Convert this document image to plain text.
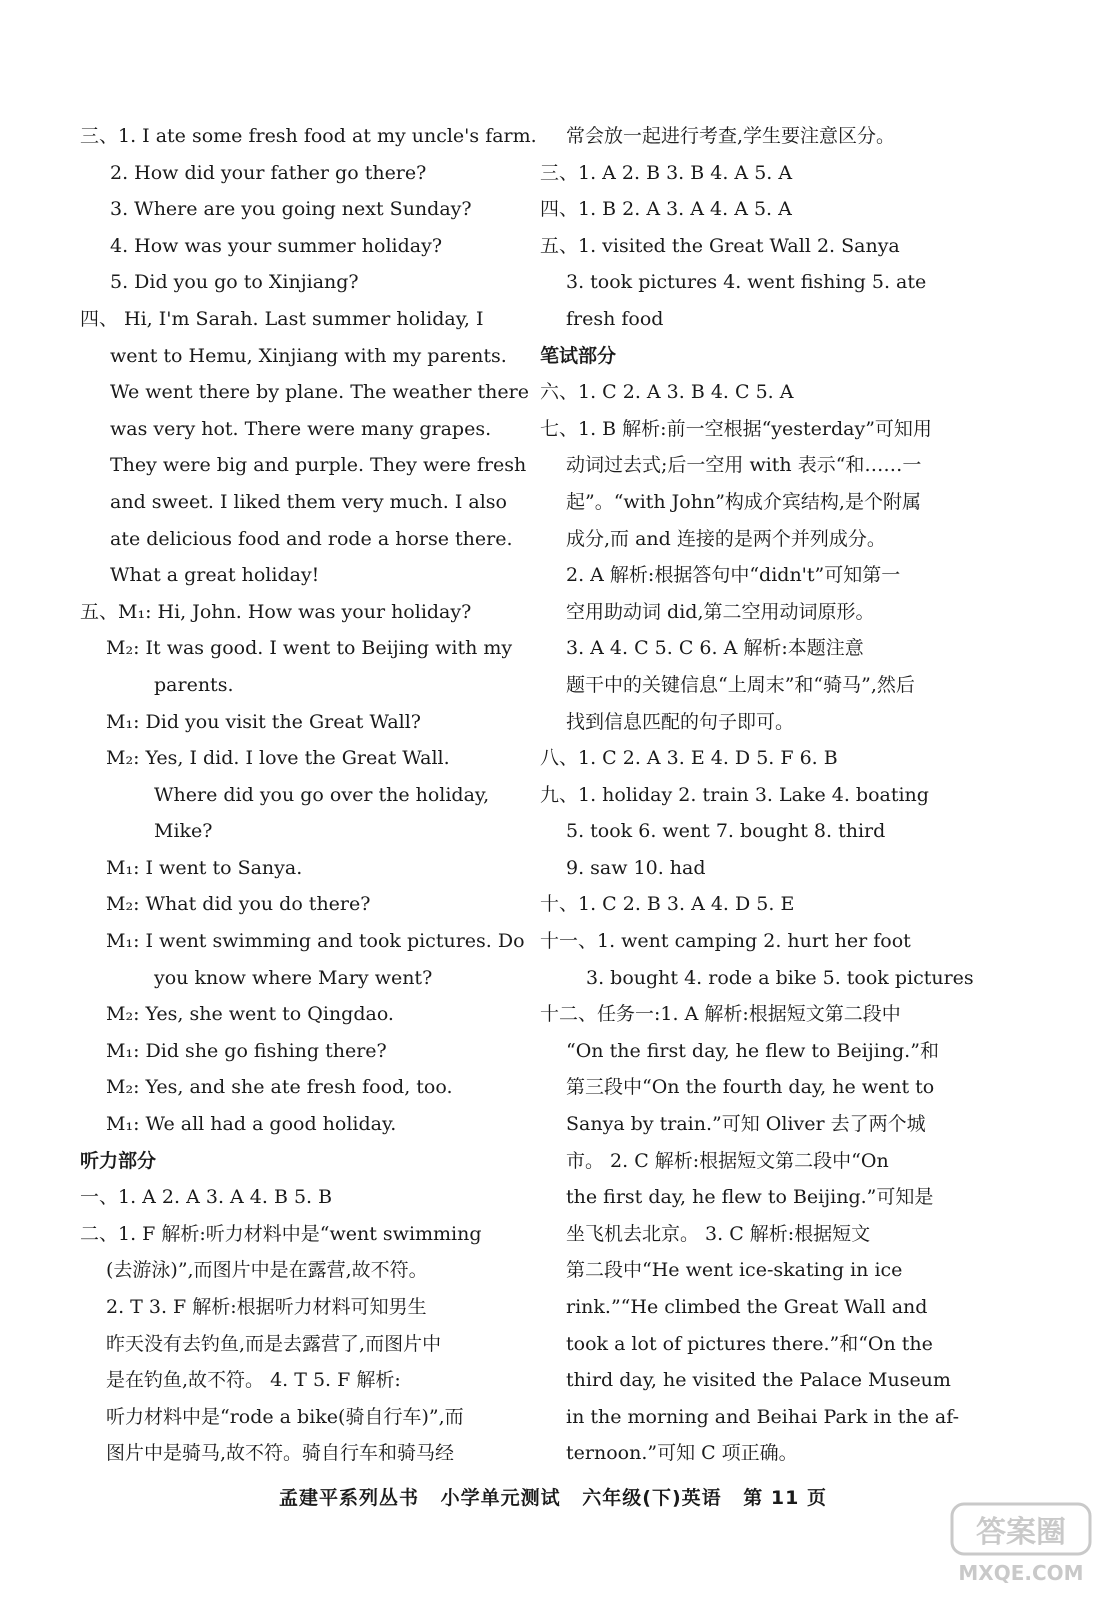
三、1. I ate some fresh food at my uncle's farm.
2. How did your father go there?
3. Where are you going next Sunday?
4. How was your summer holiday?
5. Did you go to Xinjiang?
四、 Hi, I'm Sarah. Last summer holiday, I
went to Hemu, Xinjiang with my parents.
We went there by plane. The weather there
was very hot. There were many grapes.
They were big and purple. They were fresh
and sweet. I liked them very much. I also
ate delicious food and rode a horse there.
What a great holiday!
五、M₁: Hi, John. How was your holiday?
M₂: It was good. I went to Beijing with my
parents.
M₁: Did you visit the Great Wall?
M₂: Yes, I did. I love the Great Wall.
Where did you go over the holiday,
Mike?
M₁: I went to Sanya.
M₂: What did you do there?
M₁: I went swimming and took pictures. Do
you know where Mary went?
M₂: Yes, she went to Qingdao.
M₁: Did she go fishing there?
M₂: Yes, and she ate fresh food, too.
M₁: We all had a good holiday.
听力部分
一、1. A 2. A 3. A 4. B 5. B
二、1. F 解析:听力材料中是“went swimming
(去游泳)”,而图片中是在露营,故不符。
2. T 3. F 解析:根据听力材料可知男生
昨天没有去钓鱼,而是去露营了,而图片中
是在钓鱼,故不符。 4. T 5. F 解析:
听力材料中是“rode a bike(骑自行车)”,而
图片中是骑马,故不符。骑自行车和骑马经
常会放一起进行考查,学生要注意区分。
三、1. A 2. B 3. B 4. A 5. A
四、1. B 2. A 3. A 4. A 5. A
五、1. visited the Great Wall 2. Sanya
3. took pictures 4. went fishing 5. ate
fresh food
笔试部分
六、1. C 2. A 3. B 4. C 5. A
七、1. B 解析:前一空根据“yesterday”可知用
动词过去式;后一空用 with 表示“和……一
起”。“with John”构成介宾结构,是个附属
成分,而 and 连接的是两个并列成分。
2. A 解析:根据答句中“didn't”可知第一
空用助动词 did,第二空用动词原形。
3. A 4. C 5. C 6. A 解析:本题注意
题干中的关键信息“上周末”和“骑马”,然后
找到信息匹配的句子即可。
八、1. C 2. A 3. E 4. D 5. F 6. B
九、1. holiday 2. train 3. Lake 4. boating
5. took 6. went 7. bought 8. third
9. saw 10. had
十、1. C 2. B 3. A 4. D 5. E
十一、1. went camping 2. hurt her foot
3. bought 4. rode a bike 5. took pictures
十二、任务一:1. A 解析:根据短文第二段中
“On the first day, he flew to Beijing.”和
第三段中“On the fourth day, he went to
Sanya by train.”可知 Oliver 去了两个城
市。 2. C 解析:根据短文第二段中“On
the first day, he flew to Beijing.”可知是
坐飞机去北京。 3. C 解析:根据短文
第二段中“He went ice-skating in ice
rink.”“He climbed the Great Wall and
took a lot of pictures there.”和“On the
third day, he visited the Palace Museum
in the morning and Beihai Park in the af-
ternoon.”可知 C 项正确。
孟建平系列丛书 小学单元测试 六年级(下)英语 第 11 页
答案圈
MXQE.COM
